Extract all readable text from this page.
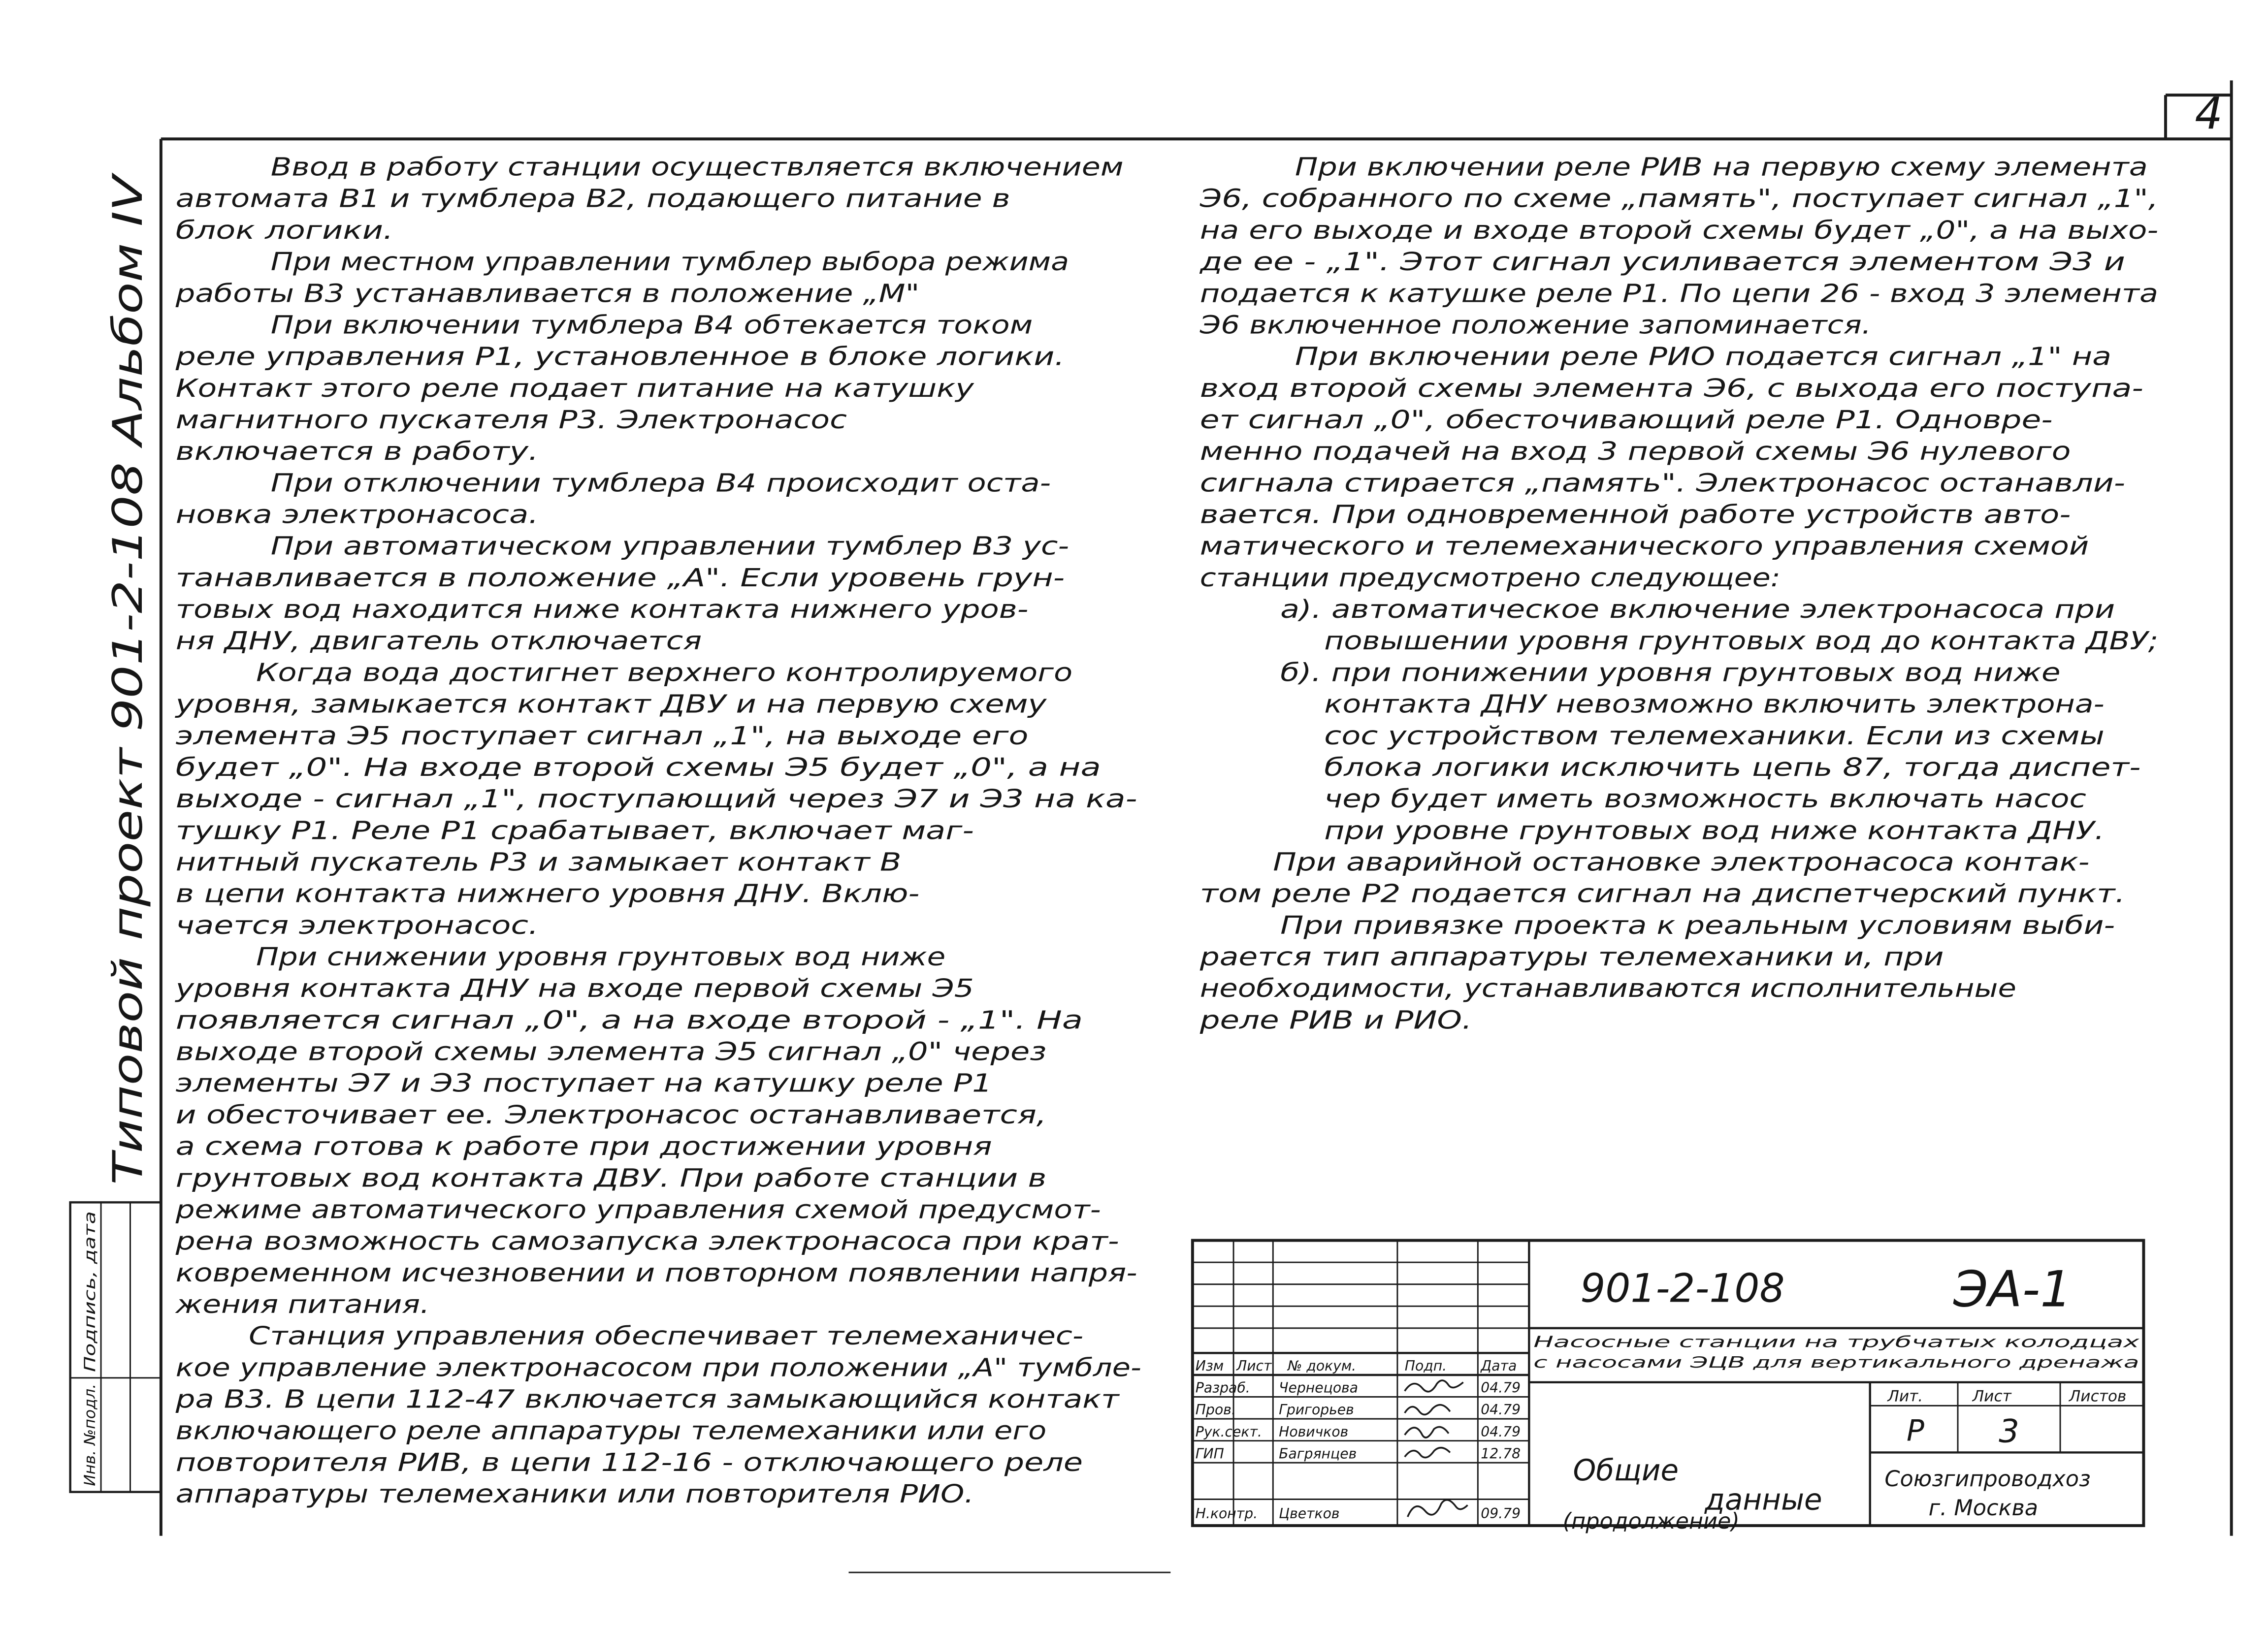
4
Типовой проект 901-2-108 Альбом IV
Подпись, дата
Инв. №подл.
Ввод в работу станции осуществляется включением
автомата В1 и тумблера В2, подающего питание в
блок логики.
При местном управлении тумблер выбора режима
работы В3 устанавливается в положение „М"
При включении тумблера В4 обтекается током
реле управления Р1, установленное в блоке логики.
Контакт этого реле подает питание на катушку
магнитного пускателя Р3. Электронасос
включается в работу.
При отключении тумблера В4 происходит оста-
новка электронасоса.
При автоматическом управлении тумблер В3 ус-
танавливается в положение „А". Если уровень грун-
товых вод находится ниже контакта нижнего уров-
ня ДНУ, двигатель отключается
Когда вода достигнет верхнего контролируемого
уровня, замыкается контакт ДВУ и на первую схему
элемента Э5 поступает сигнал „1", на выходе его
будет „0". На входе второй схемы Э5 будет „0", а на
выходе - сигнал „1", поступающий через Э7 и Э3 на ка-
тушку Р1. Реле Р1 срабатывает, включает маг-
нитный пускатель Р3 и замыкает контакт В
в цепи контакта нижнего уровня ДНУ. Вклю-
чается электронасос.
При снижении уровня грунтовых вод ниже
уровня контакта ДНУ на входе первой схемы Э5
появляется сигнал „0", а на входе второй - „1". На
выходе второй схемы элемента Э5 сигнал „0" через
элементы Э7 и Э3 поступает на катушку реле Р1
и обесточивает ее. Электронасос останавливается,
а схема готова к работе при достижении уровня
грунтовых вод контакта ДВУ. При работе станции в
режиме автоматического управления схемой предусмот-
рена возможность самозапуска электронасоса при крат-
ковременном исчезновении и повторном появлении напря-
жения питания.
Станция управления обеспечивает телемеханичес-
кое управление электронасосом при положении „А" тумбле-
ра В3. В цепи 112-47 включается замыкающийся контакт
включающего реле аппаратуры телемеханики или его
повторителя РИВ, в цепи 112-16 - отключающего реле
аппаратуры телемеханики или повторителя РИО.
При включении реле РИВ на первую схему элемента
Э6, собранного по схеме „память", поступает сигнал „1",
на его выходе и входе второй схемы будет „0", а на выхо-
де ее - „1". Этот сигнал усиливается элементом Э3 и
подается к катушке реле Р1. По цепи 26 - вход 3 элемента
Э6 включенное положение запоминается.
При включении реле РИО подается сигнал „1" на
вход второй схемы элемента Э6, с выхода его поступа-
ет сигнал „0", обесточивающий реле Р1. Одновре-
менно подачей на вход 3 первой схемы Э6 нулевого
сигнала стирается „память". Электронасос останавли-
вается. При одновременной работе устройств авто-
матического и телемеханического управления схемой
станции предусмотрено следующее:
а). автоматическое включение электронасоса при
повышении уровня грунтовых вод до контакта ДВУ;
б). при понижении уровня грунтовых вод ниже
контакта ДНУ невозможно включить электрона-
сос устройством телемеханики. Если из схемы
блока логики исключить цепь 87, тогда диспет-
чер будет иметь возможность включать насос
при уровне грунтовых вод ниже контакта ДНУ.
При аварийной остановке электронасоса контак-
том реле Р2 подается сигнал на диспетчерский пункт.
При привязке проекта к реальным условиям выби-
рается тип аппаратуры телемеханики и, при
необходимости, устанавливаются исполнительные
реле РИВ и РИО.
901-2-108	ЭА-1
Насосные станции на трубчатых колодцах
с насосами ЭЦВ для вертикального дренажа
Изм	Лист	№ докум.	Подп.	Дата
Разраб.	Чернецова	04.79
Пров.	Григорьев	04.79
Рук.сект.	Новичков	04.79
ГИП	Багрянцев	12.78
Н.контр.	Цветков	09.79
Общие
данные
(продолжение)
Лит.	Лист	Листов
Р	3
Союзгипроводхоз
г. Москва
